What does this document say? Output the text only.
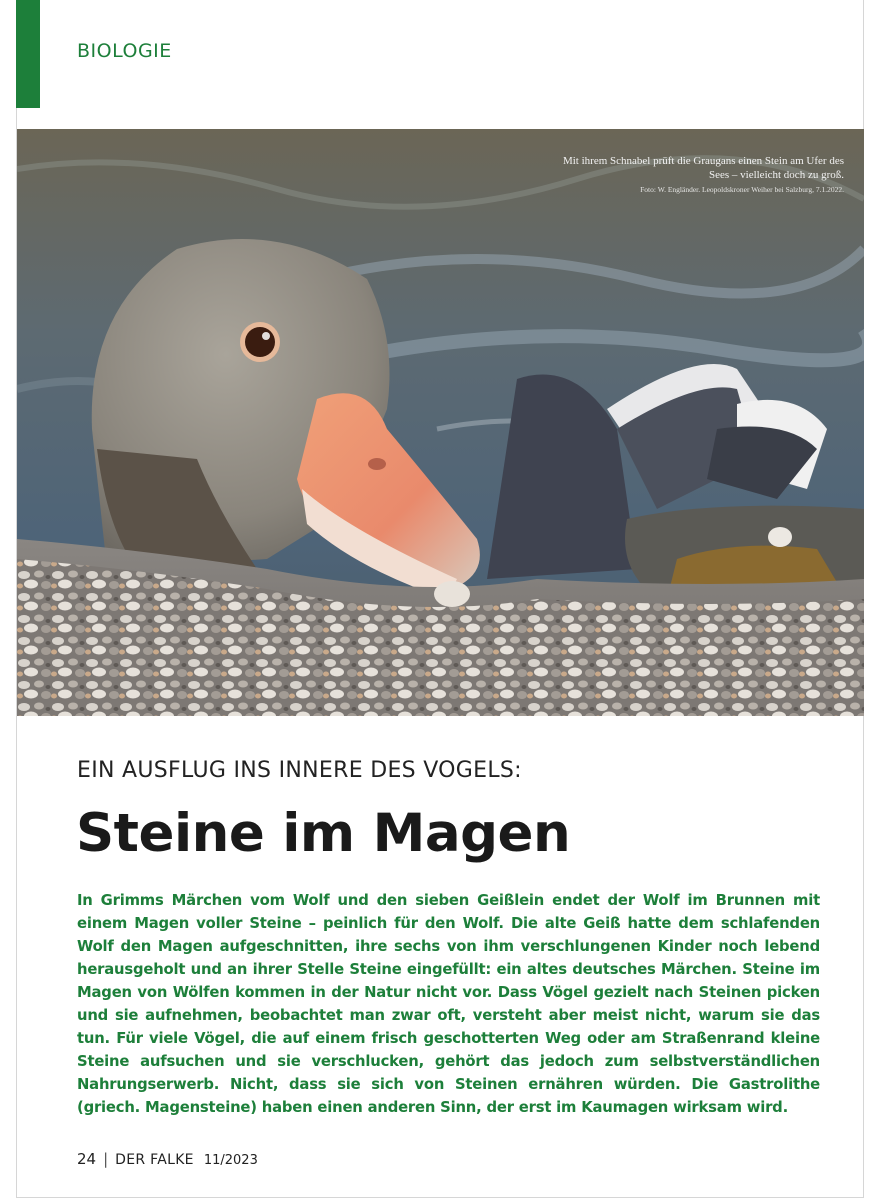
BIOLOGIE
Mit ihrem Schnabel prüft die Graugans einen Stein am Ufer des Sees – vielleicht doch zu groß.
Foto: W. Engländer. Leopoldskroner Weiher bei Salzburg, 7.1.2022.
EIN AUSFLUG INS INNERE DES VOGELS:
Steine im Magen

In Grimms Märchen vom Wolf und den sieben Geißlein endet der Wolf im Brunnen mit einem Magen voller Steine – peinlich für den Wolf. Die alte Geiß hatte dem schlafenden Wolf den Magen aufgeschnitten, ihre sechs von ihm verschlungenen Kinder noch lebend herausgeholt und an ihrer Stelle Steine eingefüllt: ein altes deutsches Märchen. Steine im Magen von Wölfen kommen in der Natur nicht vor. Dass Vögel gezielt nach Steinen picken und sie aufnehmen, beobachtet man zwar oft, versteht aber meist nicht, warum sie das tun. Für viele Vögel, die auf einem frisch geschotterten Weg oder am Straßenrand kleine Steine aufsuchen und sie verschlucken, gehört das jedoch zum selbstverständlichen Nahrungserwerb. Nicht, dass sie sich von Steinen ernähren würden. Die Gastrolithe (griech. Magensteine) haben einen anderen Sinn, der erst im Kaumagen wirksam wird.

24 | DER FALKE 11/2023
